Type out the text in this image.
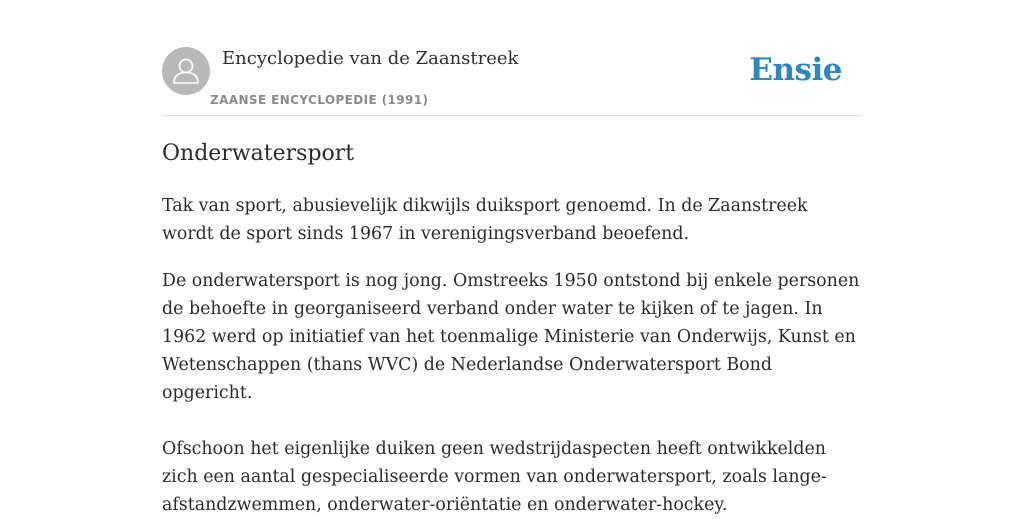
Encyclopedie van de Zaanstreek
ZAANSE ENCYCLOPEDIE (1991)
Ensie
Onderwatersport

Tak van sport, abusievelijk dikwijls duiksport genoemd. In de Zaanstreek wordt de sport sinds 1967 in verenigingsverband beoefend.

De onderwatersport is nog jong. Omstreeks 1950 ontstond bij enkele personen de behoefte in georganiseerd verband onder water te kijken of te jagen. In 1962 werd op initiatief van het toenmalige Ministerie van Onderwijs, Kunst en Wetenschappen (thans WVC) de Nederlandse Onderwatersport Bond opgericht.

Ofschoon het eigenlijke duiken geen wedstrijdaspecten heeft ontwikkelden zich een aantal gespecialiseerde vormen van onderwatersport, zoals lange-afstandzwemmen, onderwater-oriëntatie en onderwater-hockey.
